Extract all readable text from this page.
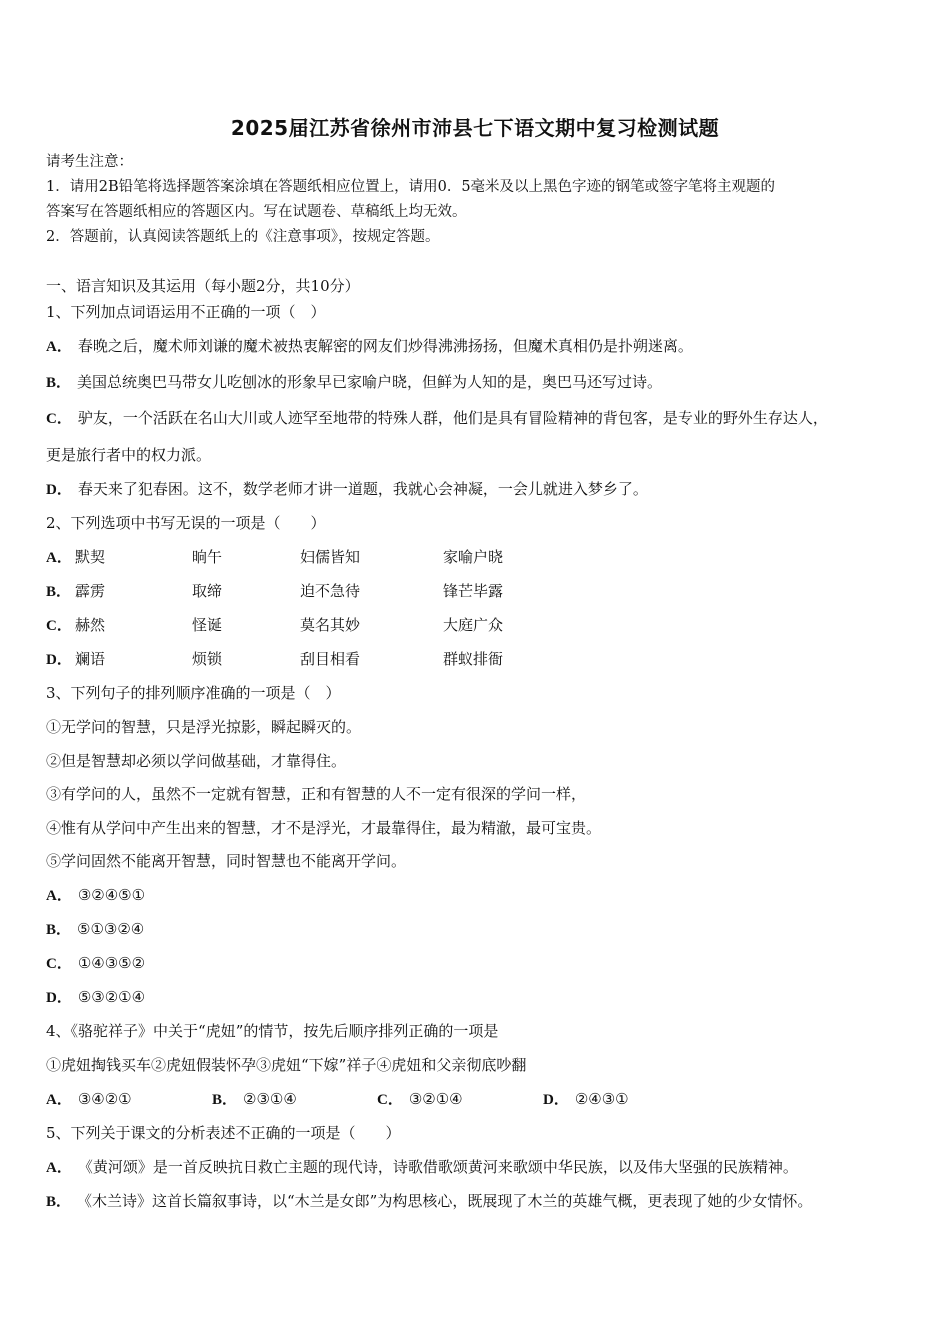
2025届江苏省徐州市沛县七下语文期中复习检测试题
请考生注意：
1．请用2B铅笔将选择题答案涂填在答题纸相应位置上，请用0．5毫米及以上黑色字迹的钢笔或签字笔将主观题的
答案写在答题纸相应的答题区内。写在试题卷、草稿纸上均无效。
2．答题前，认真阅读答题纸上的《注意事项》，按规定答题。
一、语言知识及其运用（每小题2分，共10分）
1、下列加点词语运用不正确的一项（　）
A． 春晚之后，魔术师刘谦的魔术被热衷解密的网友们炒得沸沸扬扬，但魔术真相仍是扑朔迷离。
B． 美国总统奥巴马带女儿吃刨冰的形象早已家喻户晓，但鲜为人知的是，奥巴马还写过诗。
C． 驴友，一个活跃在名山大川或人迹罕至地带的特殊人群，他们是具有冒险精神的背包客，是专业的野外生存达人，
更是旅行者中的权力派。
D． 春天来了犯春困。这不，数学老师才讲一道题，我就心会神凝，一会儿就进入梦乡了。
2、下列选项中书写无误的一项是（　　）
A． 默契	晌午	妇儒皆知	家喻户晓
B． 霹雳	取缔	迫不急待	锋芒毕露
C． 赫然	怪诞	莫名其妙	大庭广众
D． 斓语	烦锁	刮目相看	群蚁排衙
3、下列句子的排列顺序准确的一项是（　）
①无学问的智慧，只是浮光掠影，瞬起瞬灭的。
②但是智慧却必须以学问做基础，才靠得住。
③有学问的人，虽然不一定就有智慧，正和有智慧的人不一定有很深的学问一样，
④惟有从学问中产生出来的智慧，才不是浮光，才最靠得住，最为精澈，最可宝贵。
⑤学问固然不能离开智慧，同时智慧也不能离开学问。
A． ③②④⑤①
B． ⑤①③②④
C． ①④③⑤②
D． ⑤③②①④
4、《骆驼祥子》中关于“虎妞”的情节，按先后顺序排列正确的一项是
①虎妞掏钱买车②虎妞假装怀孕③虎妞“下嫁”祥子④虎妞和父亲彻底吵翻
A． ③④②①	B． ②③①④	C． ③②①④	D． ②④③①
5、下列关于课文的分析表述不正确的一项是（　　）
A． 《黄河颂》是一首反映抗日救亡主题的现代诗，诗歌借歌颂黄河来歌颂中华民族，以及伟大坚强的民族精神。
B． 《木兰诗》这首长篇叙事诗，以“木兰是女郎”为构思核心，既展现了木兰的英雄气概，更表现了她的少女情怀。
